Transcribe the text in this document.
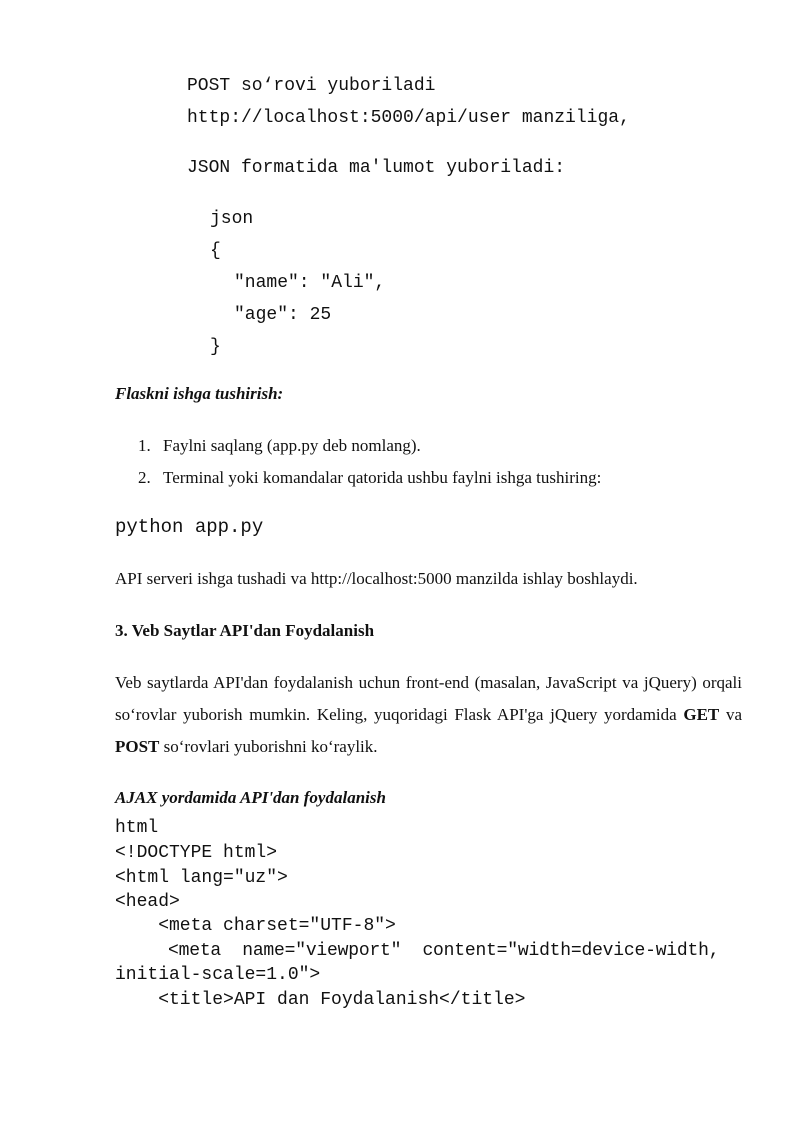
POST so‘rovi yuboriladi
http://localhost:5000/api/user manziliga,
JSON formatida ma'lumot yuboriladi:
json
{
"name": "Ali",
"age": 25
}
Flaskni ishga tushirish:
1. Faylni saqlang (app.py deb nomlang).
2. Terminal yoki komandalar qatorida ushbu faylni ishga tushiring:
python app.py
API serveri ishga tushadi va http://localhost:5000 manzilda ishlay boshlaydi.
3. Veb Saytlar API'dan Foydalanish

Veb saytlarda API'dan foydalanish uchun front-end (masalan, JavaScript va jQuery) orqali so‘rovlar yuborish mumkin. Keling, yuqoridagi Flask API'ga jQuery yordamida GET va POST so‘rovlari yuborishni ko‘raylik.

AJAX yordamida API'dan foydalanish
html
<!DOCTYPE html>
<html lang="uz">
<head>
<meta charset="UTF-8">
<meta  name="viewport"  content="width=device-width,
initial-scale=1.0">
<title>API dan Foydalanish</title>
